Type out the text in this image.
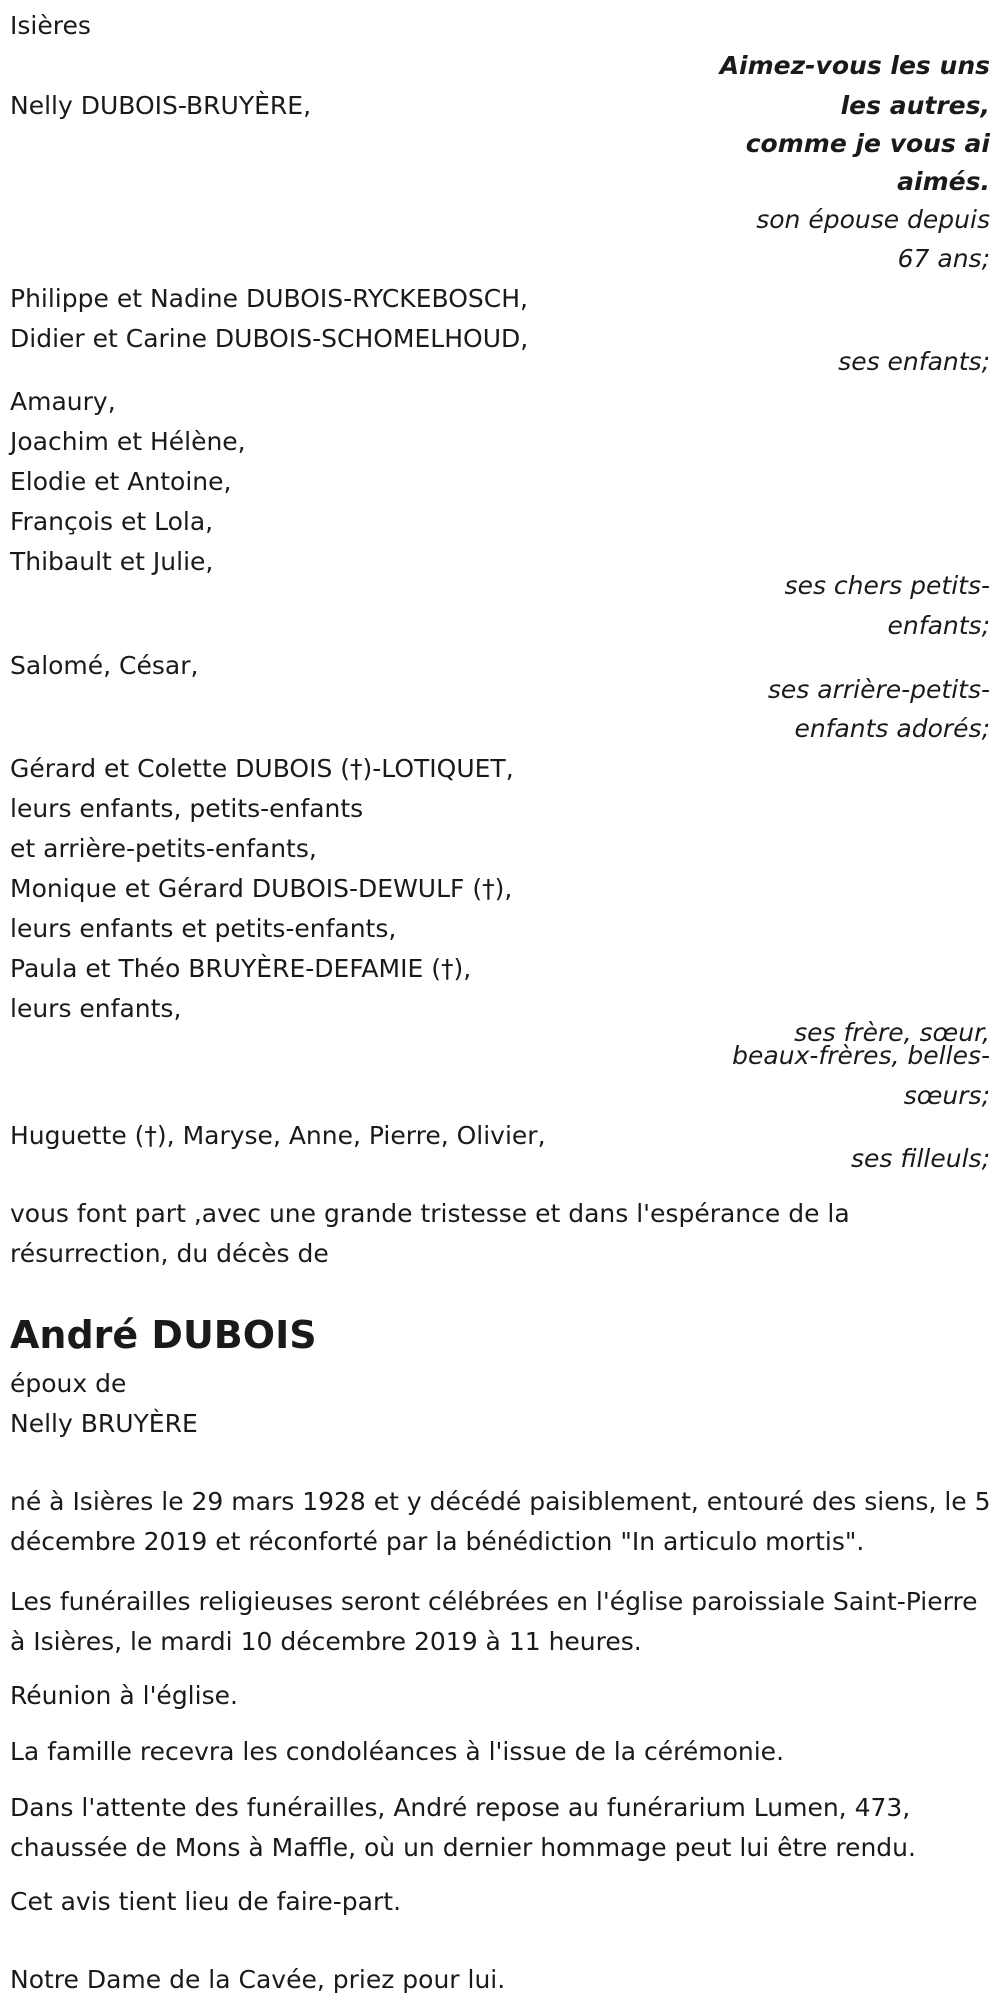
Isières
Aimez-vous les uns
les autres,
comme je vous ai
aimés.
Nelly DUBOIS-BRUYÈRE,
son épouse depuis
67 ans;
Philippe et Nadine DUBOIS-RYCKEBOSCH,
Didier et Carine DUBOIS-SCHOMELHOUD,
ses enfants;
Amaury,
Joachim et Hélène,
Elodie et Antoine,
François et Lola,
Thibault et Julie,
ses chers petits-
enfants;
Salomé, César,
ses arrière-petits-
enfants adorés;
Gérard et Colette DUBOIS (†)-LOTIQUET,
leurs enfants, petits-enfants
et arrière-petits-enfants,
Monique et Gérard DUBOIS-DEWULF (†),
leurs enfants et petits-enfants,
Paula et Théo BRUYÈRE-DEFAMIE (†),
leurs enfants,
ses frère, sœur,
beaux-frères, belles-
sœurs;
Huguette (†), Maryse, Anne, Pierre, Olivier,
ses filleuls;
vous font part ,avec une grande tristesse et dans l'espérance de la résurrection, du décès de
André DUBOIS
époux de
Nelly BRUYÈRE
né à Isières le 29 mars 1928 et y décédé paisiblement, entouré des siens, le 5 décembre 2019 et réconforté par la bénédiction "In articulo mortis".
Les funérailles religieuses seront célébrées en l'église paroissiale Saint-Pierre à Isières, le mardi 10 décembre 2019 à 11 heures.
Réunion à l'église.
La famille recevra les condoléances à l'issue de la cérémonie.
Dans l'attente des funérailles, André repose au funérarium Lumen, 473, chaussée de Mons à Maffle, où un dernier hommage peut lui être rendu.
Cet avis tient lieu de faire-part.
Notre Dame de la Cavée, priez pour lui.
